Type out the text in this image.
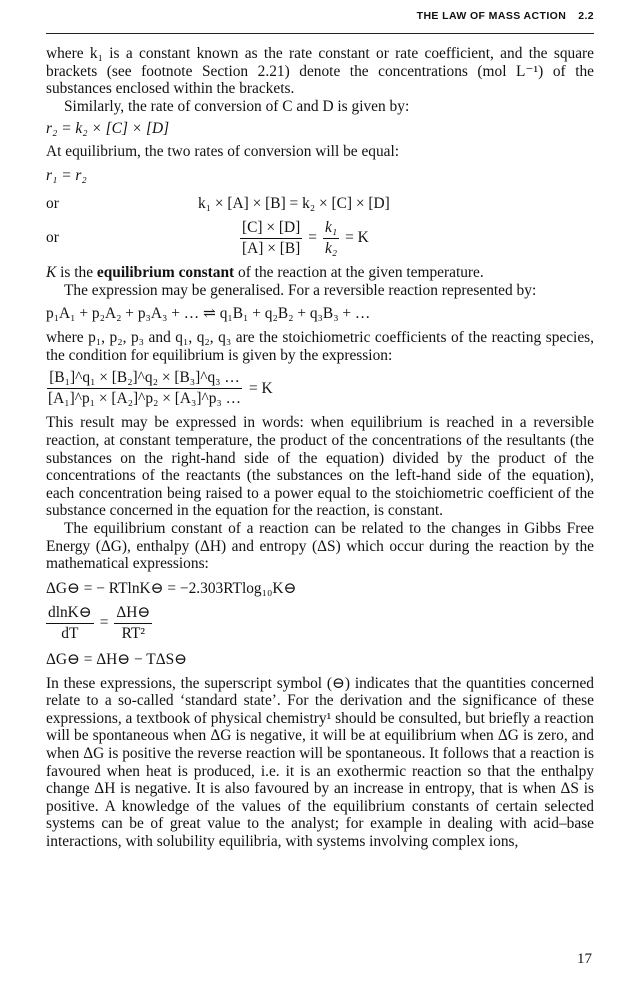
THE LAW OF MASS ACTION 2.2

where k₁ is a constant known as the rate constant or rate coefficient, and the square brackets (see footnote Section 2.21) denote the concentrations (mol L⁻¹) of the substances enclosed within the brackets.

Similarly, the rate of conversion of C and D is given by:

r₂ = k₂ × [C] × [D]

At equilibrium, the two rates of conversion will be equal:

r₁ = r₂

or	k₁ × [A] × [B] = k₂ × [C] × [D]
or	$\frac{[C] \times [D]}{[A] \times [B]} = \frac{\text{k₁}}{\text{k₂}} = K$

K is the equilibrium constant of the reaction at the given temperature.

The expression may be generalised. For a reversible reaction represented by:

p₁A₁ + p₂A₂ + p₃A₃ + … ⇌ q₁B₁ + q₂B₂ + q₃B₃ + …

where p₁, p₂, p₃ and q₁, q₂, q₃ are the stoichiometric coefficients of the reacting species, the condition for equilibrium is given by the expression:

$\frac{\text{[B₁]\textasciicircum{}q₁ × [B₂]\textasciicircum{}q₂ × [B₃]\textasciicircum{}q₃ …}}{\text{[A₁]\textasciicircum{}p₁ × [A₂]\textasciicircum{}p₂ × [A₃]\textasciicircum{}p₃ …}} = K$

This result may be expressed in words: when equilibrium is reached in a reversible reaction, at constant temperature, the product of the concentrations of the resultants (the substances on the right-hand side of the equation) divided by the product of the concentrations of the reactants (the substances on the left-hand side of the equation), each concentration being raised to a power equal to the stoichiometric coefficient of the substance concerned in the equation for the reaction, is constant.

The equilibrium constant of a reaction can be related to the changes in Gibbs Free Energy (ΔG), enthalpy (ΔH) and entropy (ΔS) which occur during the reaction by the mathematical expressions:

ΔG⊖ = − RTlnK⊖ = −2.303RTlog₁₀K⊖

$\frac{dlnK⊖}{dT} = \frac{\Delta H⊖}{\text{RT²}}$

ΔG⊖ = ΔH⊖ − TΔS⊖

In these expressions, the superscript symbol (⊖) indicates that the quantities concerned relate to a so-called ‘standard state’. For the derivation and the significance of these expressions, a textbook of physical chemistry¹ should be consulted, but briefly a reaction will be spontaneous when ΔG is negative, it will be at equilibrium when ΔG is zero, and when ΔG is positive the reverse reaction will be spontaneous. It follows that a reaction is favoured when heat is produced, i.e. it is an exothermic reaction so that the enthalpy change ΔH is negative. It is also favoured by an increase in entropy, that is when ΔS is positive. A knowledge of the values of the equilibrium constants of certain selected systems can be of great value to the analyst; for example in dealing with acid–base interactions, with solubility equilibria, with systems involving complex ions,

17
